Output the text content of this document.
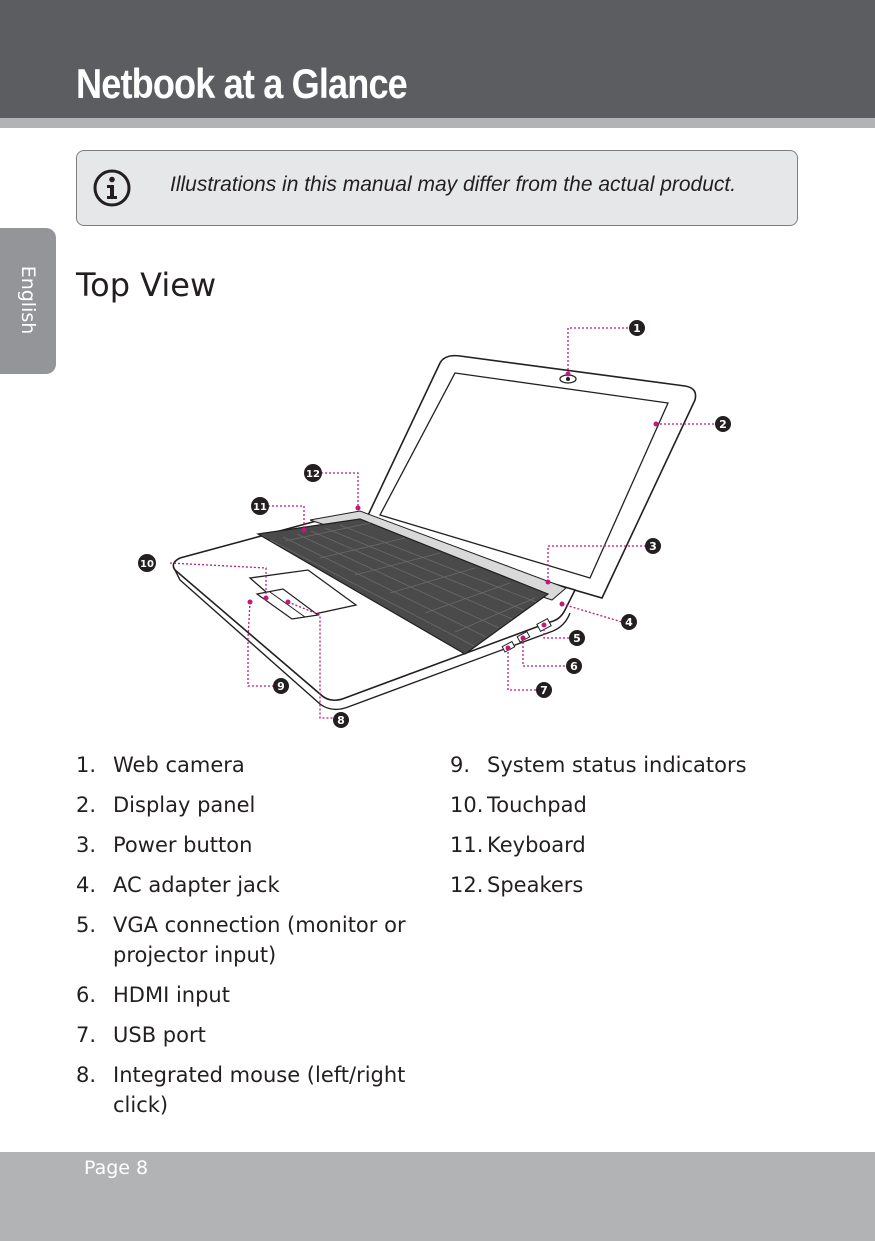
Netbook at a Glance
English
Illustrations in this manual may differ from the actual product.
Top View
1
2
3
4
5
6
7
8
9
10
11
12
1. Web camera
2. Display panel
3. Power button
4. AC adapter jack
5. VGA connection (monitor or projector input)
6. HDMI input
7. USB port
8. Integrated mouse (left/right click)
9. System status indicators
10. Touchpad
11. Keyboard
12. Speakers
Page 8
